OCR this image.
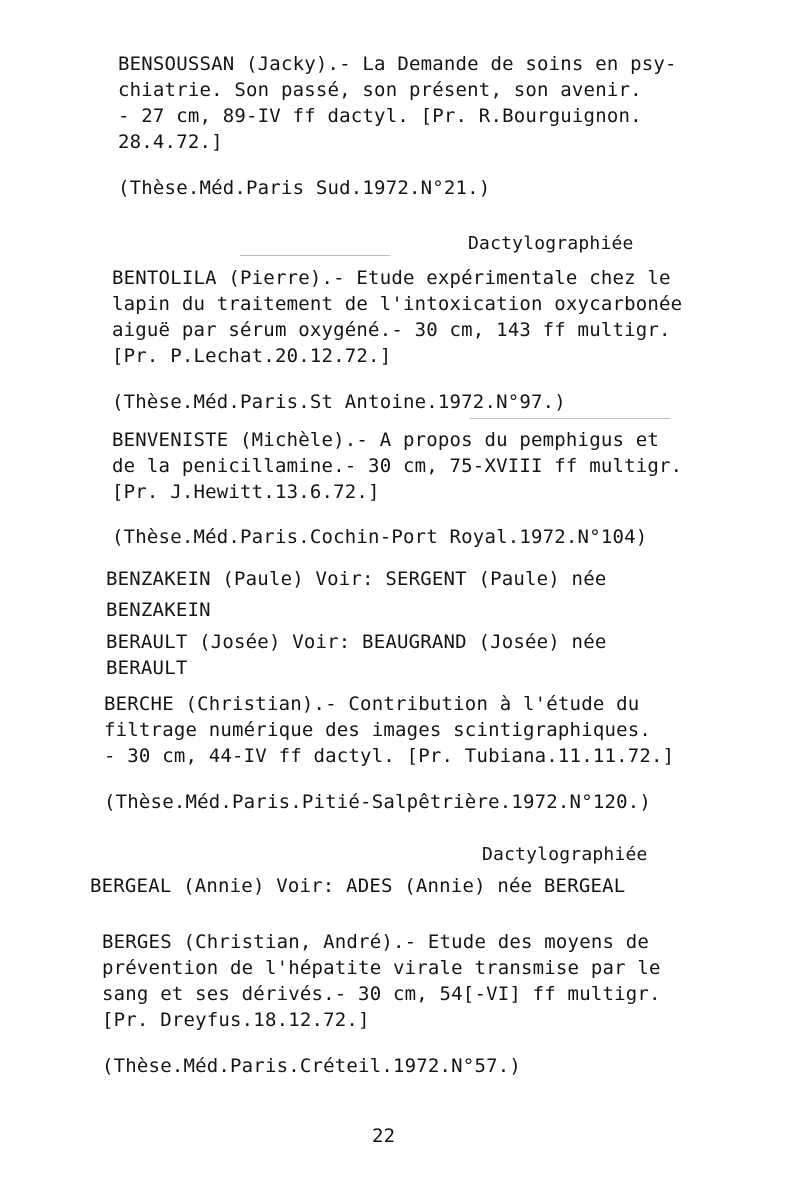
BENSOUSSAN (Jacky).- La Demande de soins en psy-
chiatrie. Son passé, son présent, son avenir.
- 27 cm, 89-IV ff dactyl. [Pr. R.Bourguignon.
28.4.72.]
(Thèse.Méd.Paris Sud.1972.N°21.)
Dactylographiée
BENTOLILA (Pierre).- Etude expérimentale chez le
lapin du traitement de l'intoxication oxycarbonée
aiguë par sérum oxygéné.- 30 cm, 143 ff multigr.
[Pr. P.Lechat.20.12.72.]
(Thèse.Méd.Paris.St Antoine.1972.N°97.)
BENVENISTE (Michèle).- A propos du pemphigus et
de la penicillamine.- 30 cm, 75-XVIII ff multigr.
[Pr. J.Hewitt.13.6.72.]
(Thèse.Méd.Paris.Cochin-Port Royal.1972.N°104)
BENZAKEIN (Paule) Voir: SERGENT (Paule) née
BENZAKEIN
BERAULT (Josée) Voir: BEAUGRAND (Josée) née
BERAULT
BERCHE (Christian).- Contribution à l'étude du
filtrage numérique des images scintigraphiques.
- 30 cm, 44-IV ff dactyl. [Pr. Tubiana.11.11.72.]
(Thèse.Méd.Paris.Pitié-Salpêtrière.1972.N°120.)
Dactylographiée
BERGEAL (Annie) Voir: ADES (Annie) née BERGEAL
BERGES (Christian, André).- Etude des moyens de
prévention de l'hépatite virale transmise par le
sang et ses dérivés.- 30 cm, 54[-VI] ff multigr.
[Pr. Dreyfus.18.12.72.]
(Thèse.Méd.Paris.Créteil.1972.N°57.)
22
